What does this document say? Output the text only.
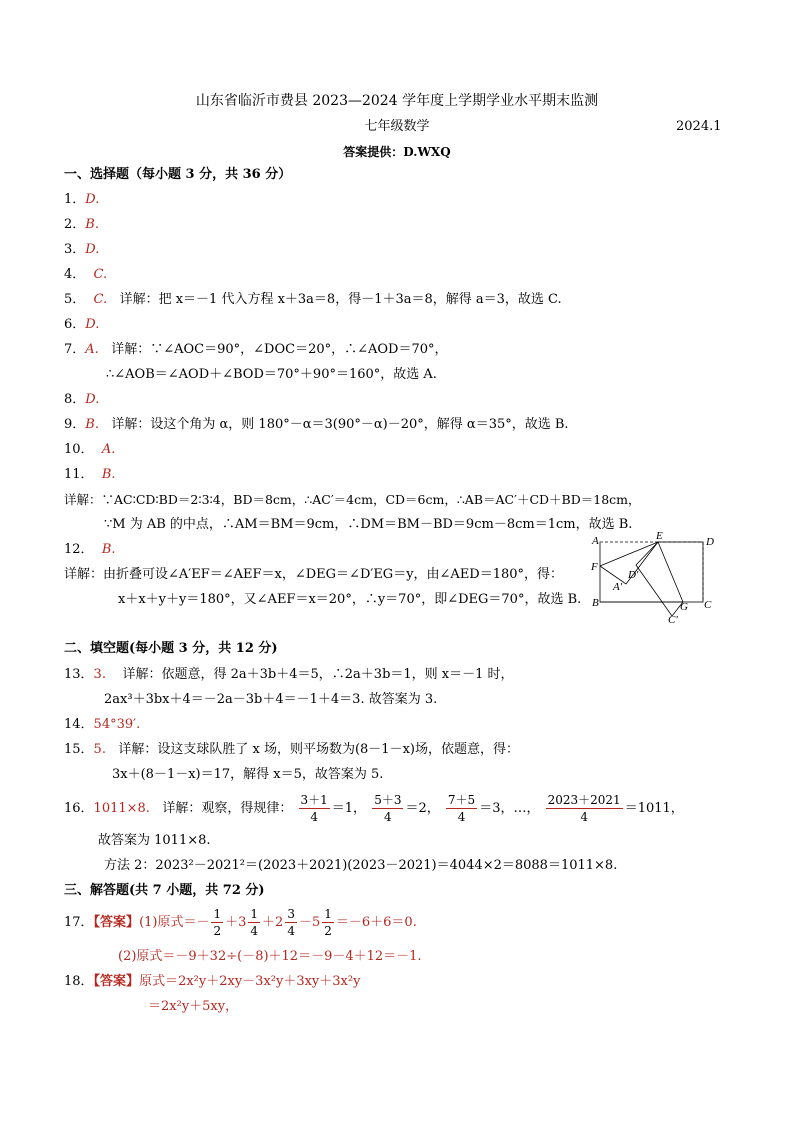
山东省临沂市费县 2023—2024 学年度上学期学业水平期末监测
七年级数学	2024.1
答案提供：D.WXQ
一、选择题（每小题 3 分，共 36 分）
1．D.
2．B.
3．D.
4． C.
5． C. 详解：把 x＝－1 代入方程 x＋3a＝8，得－1＋3a＝8，解得 a＝3，故选 C.
6．D.
7．A. 详解：∵∠AOC＝90°，∠DOC＝20°，∴∠AOD＝70°，
∴∠AOB＝∠AOD＋∠BOD＝70°＋90°＝160°，故选 A.
8．D.
9．B. 详解：设这个角为 α，则 180°－α＝3(90°－α)－20°，解得 α＝35°，故选 B.
10． A.
11． B.
详解：∵AC∶CD∶BD＝2∶3∶4，BD＝8cm，∴AC′＝4cm，CD＝6cm，∴AB＝AC′＋CD＋BD＝18cm，
∵M 为 AB 的中点，∴AM＝BM＝9cm，∴DM＝BM－BD＝9cm－8cm＝1cm，故选 B.
12． B.
详解：由折叠可设∠A′EF＝∠AEF＝x，∠DEG＝∠D′EG＝y，由∠AED＝180°，得：
x＋x＋y＋y＝180°，又∠AEF＝x＝20°，∴y＝70°，即∠DEG＝70°，故选 B.
A	E	D
F
D′
A′
B	G C
C′
二、填空题(每小题 3 分，共 12 分)
13．3. 详解：依题意，得 2a＋3b＋4＝5，∴2a＋3b＝1，则 x＝－1 时，
2ax³＋3bx＋4＝－2a－3b＋4＝－1＋4＝3. 故答案为 3.
14．54°39′.
15．5. 详解：设这支球队胜了 x 场，则平场数为(8－1－x)场，依题意，得：
3x＋(8－1－x)＝17，解得 x＝5，故答案为 5.
16．1011×8. 详解：观察，得规律： $\frac{3+1}{4} =1$， $\frac{5+3}{4} =2$， $\frac{7+5}{4} =3$，…， $\frac{2023+2021}{4} =1011$，
故答案为 1011×8.
方法 2：2023²－2021²＝(2023＋2021)(2023－2021)＝4044×2＝8088＝1011×8.
三、解答题(共 7 小题，共 72 分)
17．【答案】(1)原式＝－ $\frac{1}{2} +3 \frac{1}{4} +2 \frac{3}{4} -5 \frac{1}{2} =-6+6=0$.
(2)原式＝－9＋32÷(－8)＋12＝－9－4＋12＝－1.
18．【答案】原式＝2x²y＋2xy－3x²y＋3xy＋3x²y
＝2x²y＋5xy，
